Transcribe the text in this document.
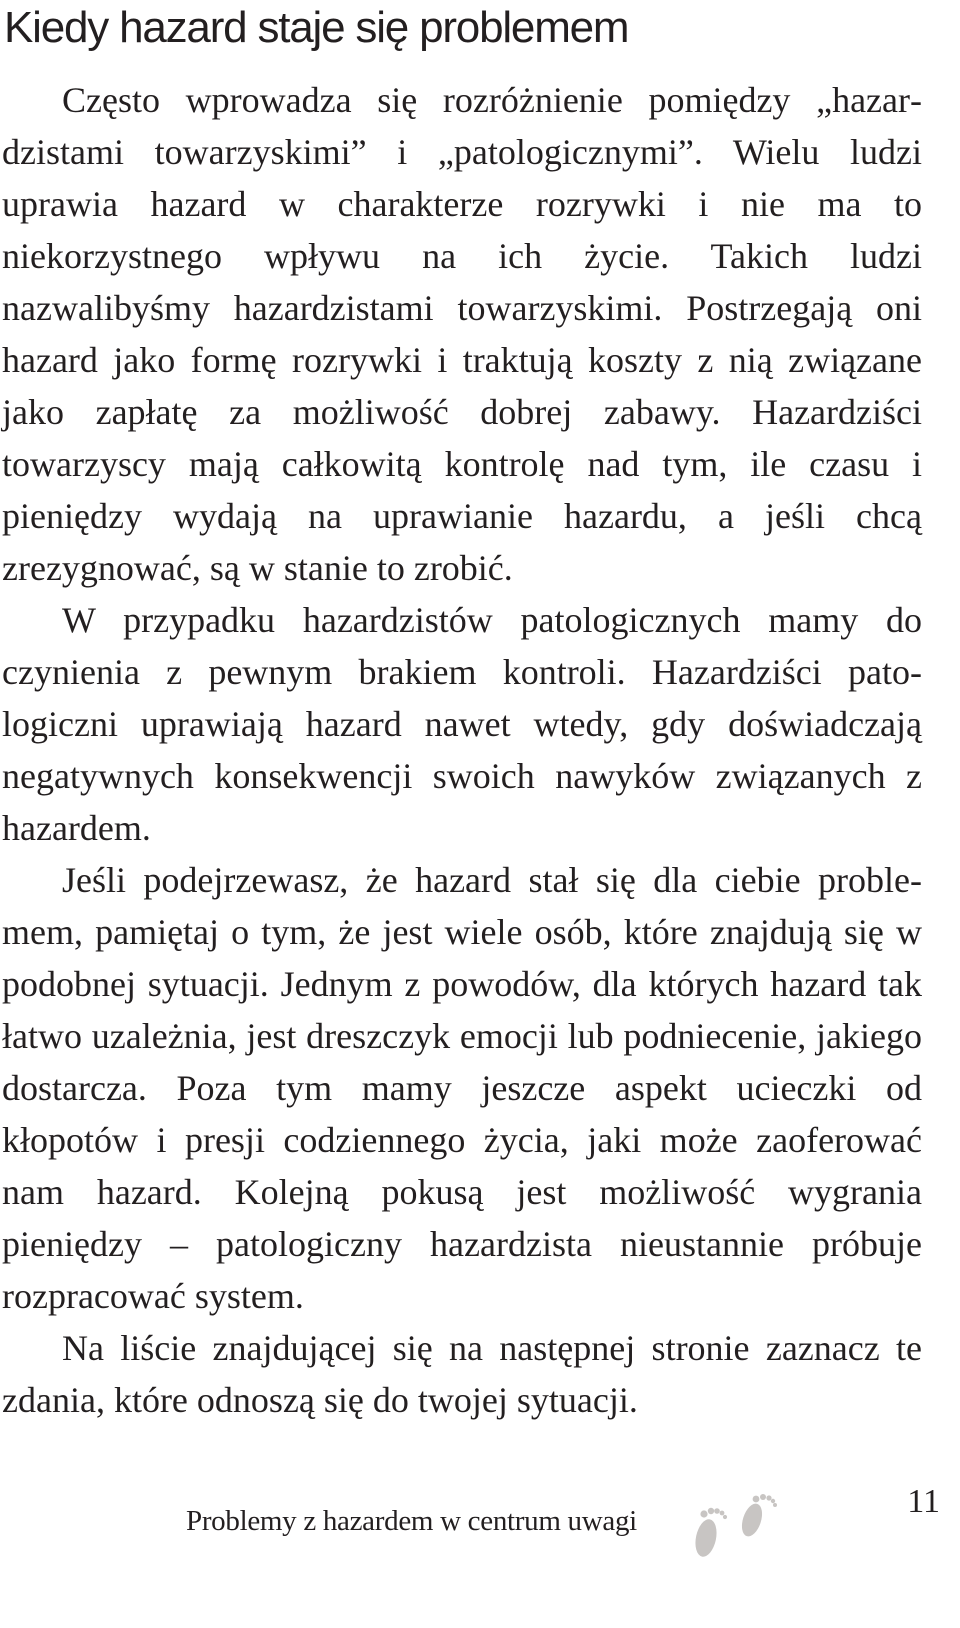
Kiedy hazard staje się problemem

Często wprowadza się rozróżnienie pomiędzy „hazardzistami towarzyskimi” i „patologicznymi”. Wielu ludzi uprawia hazard w charakterze rozrywki i nie ma to niekorzystnego wpływu na ich życie. Takich ludzi nazwalibyśmy hazardzistami towarzyskimi. Postrzegają oni hazard jako formę rozrywki i traktują koszty z nią związane jako zapłatę za możliwość dobrej zabawy. Hazardziści towarzyscy mają całkowitą kontrolę nad tym, ile czasu i pieniędzy wydają na uprawianie hazardu, a jeśli chcą zrezygnować, są w stanie to zrobić.

W przypadku hazardzistów patologicznych mamy do czynienia z pewnym brakiem kontroli. Hazardziści patologiczni uprawiają hazard nawet wtedy, gdy doświadczają negatywnych konsekwencji swoich nawyków związanych z hazardem.

Jeśli podejrzewasz, że hazard stał się dla ciebie problemem, pamiętaj o tym, że jest wiele osób, które znajdują się w podobnej sytuacji. Jednym z powodów, dla których hazard tak łatwo uzależnia, jest dreszczyk emocji lub podniecenie, jakiego dostarcza. Poza tym mamy jeszcze aspekt ucieczki od kłopotów i presji codziennego życia, jaki może zaoferować nam hazard. Kolejną pokusą jest możliwość wygrania pieniędzy – patologiczny hazardzista nieustannie próbuje rozpracować system.

Na liście znajdującej się na następnej stronie zaznacz te zdania, które odnoszą się do twojej sytuacji.

Problemy z hazardem w centrum uwagi
11
